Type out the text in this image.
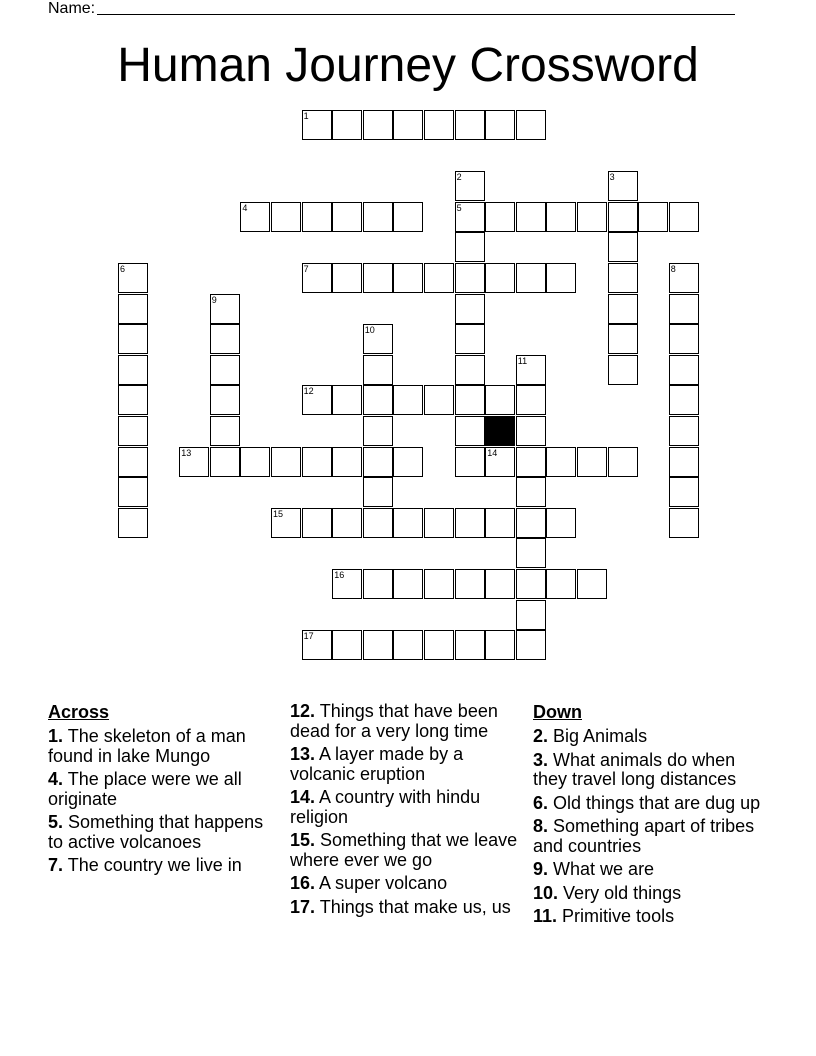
Name:
Human Journey Crossword
1
2
5
3
4
6	7	8
9
10
11
12
13	14
15
16
17
Across
1. The skeleton of a man found in lake Mungo
4. The place were we all originate
5. Something that happens to active volcanoes
7. The country we live in
12. Things that have been dead for a very long time
13. A layer made by a volcanic eruption
14. A country with hindu religion
15. Something that we leave where ever we go
16. A super volcano
17. Things that make us, us
Down
2. Big Animals
3. What animals do when they travel long distances
6. Old things that are dug up
8. Something apart of tribes and countries
9. What we are
10. Very old things
11. Primitive tools
